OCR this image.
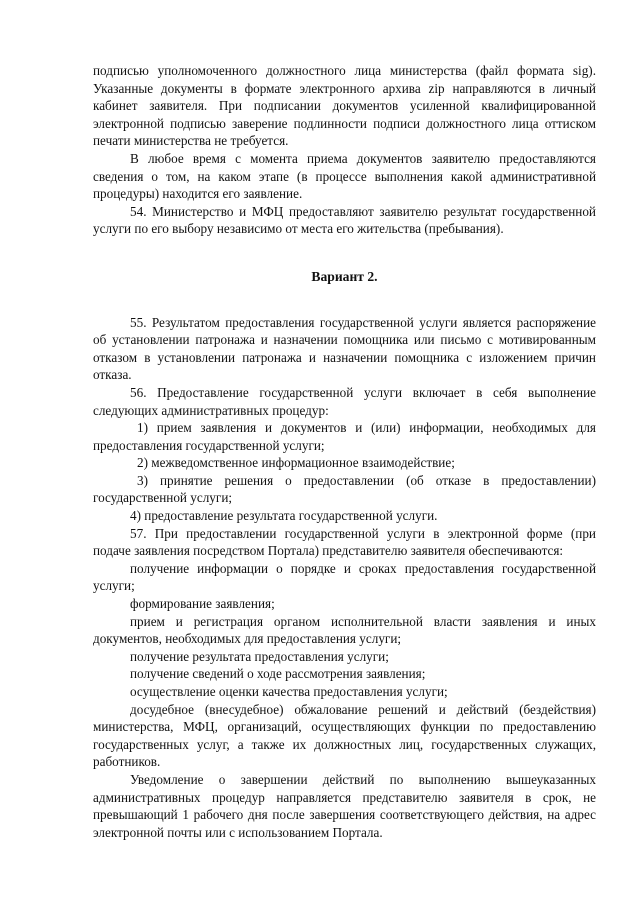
подписью уполномоченного должностного лица министерства (файл формата sig). Указанные документы в формате электронного архива zip направляются в личный кабинет заявителя. При подписании документов усиленной квалифицированной электронной подписью заверение подлинности подписи должностного лица оттиском печати министерства не требуется.

В любое время с момента приема документов заявителю предоставляются сведения о том, на каком этапе (в процессе выполнения какой административной процедуры) находится его заявление.

54. Министерство и МФЦ предоставляют заявителю результат государственной услуги по его выбору независимо от места его жительства (пребывания).

Вариант 2.

55. Результатом предоставления государственной услуги является распоряжение об установлении патронажа и назначении помощника или письмо с мотивированным отказом в установлении патронажа и назначении помощника с изложением причин отказа.

56. Предоставление государственной услуги включает в себя выполнение следующих административных процедур:

1) прием заявления и документов и (или) информации, необходимых для предоставления государственной услуги;

2) межведомственное информационное взаимодействие;

3) принятие решения о предоставлении (об отказе в предоставлении) государственной услуги;

4) предоставление результата государственной услуги.

57. При предоставлении государственной услуги в электронной форме (при подаче заявления посредством Портала) представителю заявителя обеспечиваются:

получение информации о порядке и сроках предоставления государственной услуги;

формирование заявления;

прием и регистрация органом исполнительной власти заявления и иных документов, необходимых для предоставления услуги;

получение результата предоставления услуги;

получение сведений о ходе рассмотрения заявления;

осуществление оценки качества предоставления услуги;

досудебное (внесудебное) обжалование решений и действий (бездействия) министерства, МФЦ, организаций, осуществляющих функции по предоставлению государственных услуг, а также их должностных лиц, государственных служащих, работников.

Уведомление о завершении действий по выполнению вышеуказанных административных процедур направляется представителю заявителя в срок, не превышающий 1 рабочего дня после завершения соответствующего действия, на адрес электронной почты или с использованием Портала.
